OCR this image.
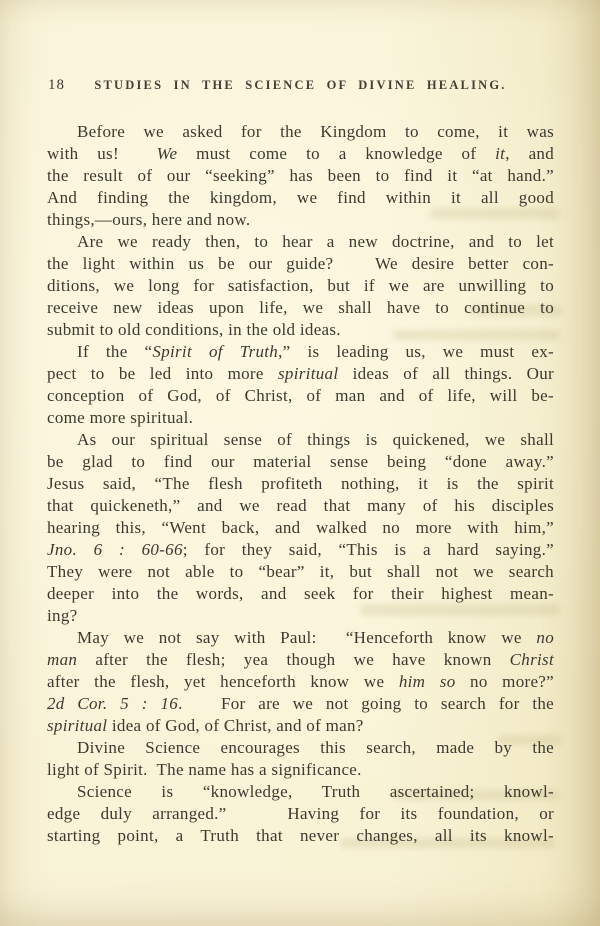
18	STUDIES IN THE SCIENCE OF DIVINE HEALING.

Before we asked for the Kingdom to come, it was
with us!  We must come to a knowledge of it, and
the result of our “seeking” has been to find it “at hand.”
And finding the kingdom, we find within it all good
things,—ours, here and now.

Are we ready then, to hear a new doctrine, and to let
the light within us be our guide?   We desire better con-
ditions, we long for satisfaction, but if we are unwilling to
receive new ideas upon life, we shall have to continue to
submit to old conditions, in the old ideas.

If the “Spirit of Truth,” is leading us, we must ex-
pect to be led into more spiritual ideas of all things. Our
conception of God, of Christ, of man and of life, will be-
come more spiritual.

As our spiritual sense of things is quickened, we shall
be glad to find our material sense being “done away.”
Jesus said, “The flesh profiteth nothing, it is the spirit
that quickeneth,” and we read that many of his disciples
hearing this, “Went back, and walked no more with him,”
Jno. 6 : 60-66; for they said, “This is a hard saying.”
They were not able to “bear” it, but shall not we search
deeper into the words, and seek for their highest mean-
ing?

May we not say with Paul:  “Henceforth know we no
man after the flesh; yea though we have known Christ
after the flesh, yet henceforth know we him so no more?”
2d Cor. 5 : 16.   For are we not going to search for the
spiritual idea of God, of Christ, and of man?

Divine Science encourages this search, made by the
light of Spirit.  The name has a significance.

Science is “knowledge, Truth ascertained; knowl-
edge duly arranged.”   Having for its foundation, or
starting point, a Truth that never changes, all its knowl-
